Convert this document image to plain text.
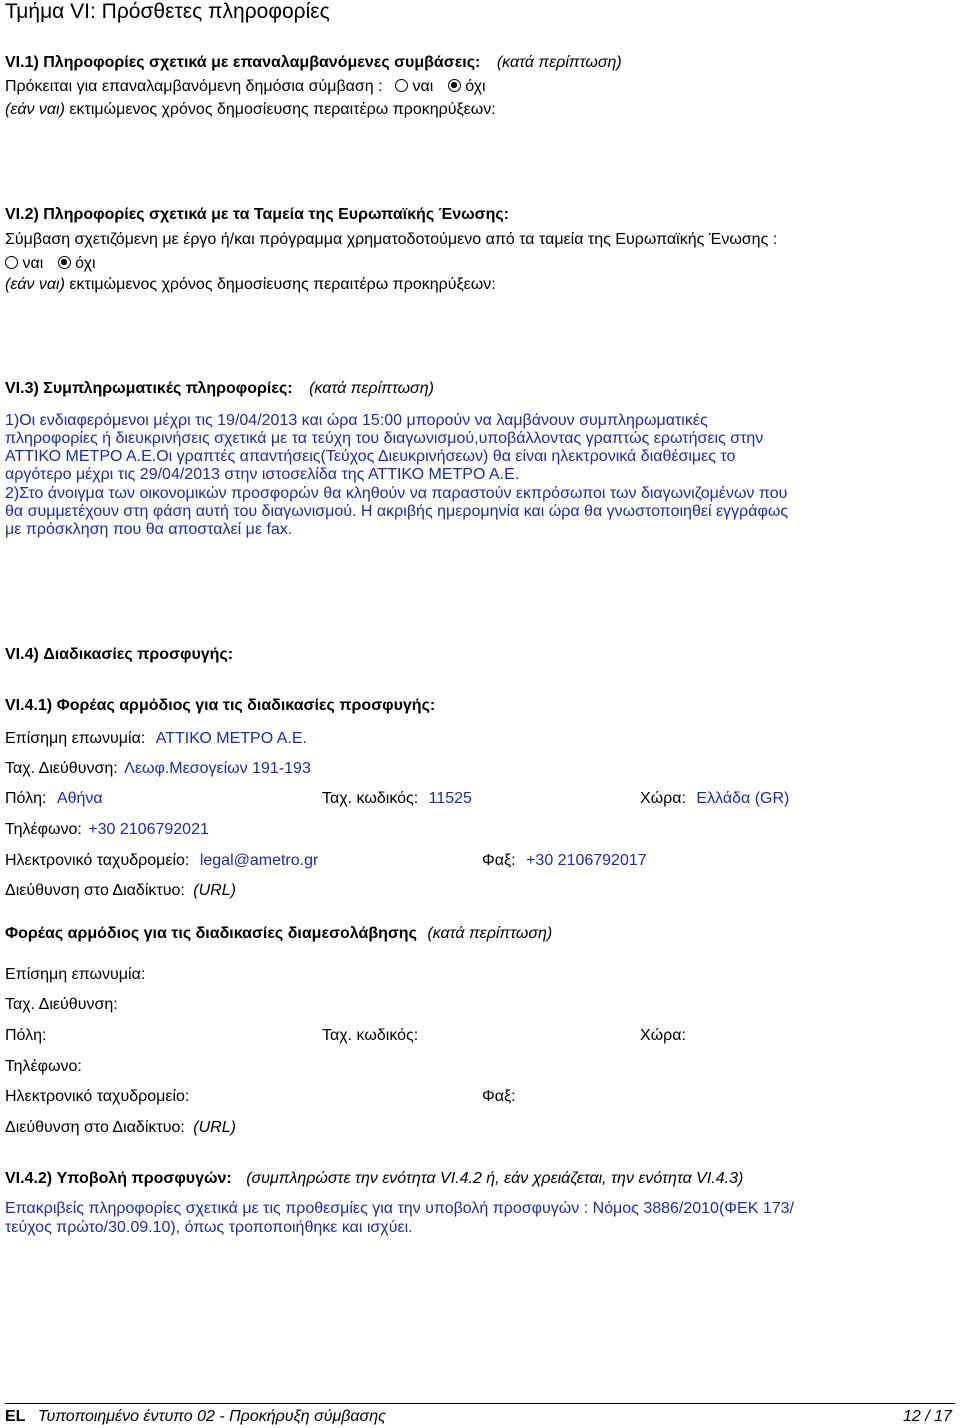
Τμήμα VI: Πρόσθετες πληροφορίες
VI.1) Πληροφορίες σχετικά με επαναλαμβανόμενες συμβάσεις: (κατά περίπτωση)
Πρόκειται για επαναλαμβανόμενη δημόσια σύμβαση : ναι όχι
(εάν ναι) εκτιμώμενος χρόνος δημοσίευσης περαιτέρω προκηρύξεων:
VI.2) Πληροφορίες σχετικά με τα Ταμεία της Ευρωπαϊκής Ένωσης:
Σύμβαση σχετιζόμενη με έργο ή/και πρόγραμμα χρηματοδοτούμενο από τα ταμεία της Ευρωπαϊκής Ένωσης :
ναι όχι
(εάν ναι) εκτιμώμενος χρόνος δημοσίευσης περαιτέρω προκηρύξεων:
VI.3) Συμπληρωματικές πληροφορίες: (κατά περίπτωση)
1)Οι ενδιαφερόμενοι μέχρι τις 19/04/2013 και ώρα 15:00 μπορούν να λαμβάνουν συμπληρωματικές
πληροφορίες ή διευκρινήσεις σχετικά με τα τεύχη του διαγωνισμού,υποβάλλοντας γραπτώς ερωτήσεις στην
ΑΤΤΙΚΟ ΜΕΤΡΟ Α.Ε.Οι γραπτές απαντήσεις(Τεύχος Διευκρινήσεων) θα είναι ηλεκτρονικά διαθέσιμες το
αργότερο μέχρι τις 29/04/2013 στην ιστοσελίδα της ΑΤΤΙΚΟ ΜΕΤΡΟ Α.Ε.
2)Στο άνοιγμα των οικονομικών προσφορών θα κληθούν να παραστούν εκπρόσωποι των διαγωνιζομένων που
θα συμμετέχουν στη φάση αυτή του διαγωνισμού. Η ακριβής ημερομηνία και ώρα θα γνωστοποιηθεί εγγράφως
με πρόσκληση που θα αποσταλεί με fax.
VI.4) Διαδικασίες προσφυγής:
VI.4.1) Φορέας αρμόδιος για τις διαδικασίες προσφυγής:
Επίσημη επωνυμία: ΑΤΤΙΚΟ ΜΕΤΡΟ Α.Ε.
Ταχ. Διεύθυνση: Λεωφ.Μεσογείων 191-193
Πόλη: Αθήνα	Ταχ. κωδικός: 11525	Χώρα: Ελλάδα (GR)
Τηλέφωνο: +30 2106792021
Ηλεκτρονικό ταχυδρομείο: legal@ametro.gr	Φαξ: +30 2106792017
Διεύθυνση στο Διαδίκτυο: (URL)
Φορέας αρμόδιος για τις διαδικασίες διαμεσολάβησης (κατά περίπτωση)
Επίσημη επωνυμία:
Ταχ. Διεύθυνση:
Πόλη:	Ταχ. κωδικός:	Χώρα:
Τηλέφωνο:
Ηλεκτρονικό ταχυδρομείο:	Φαξ:
Διεύθυνση στο Διαδίκτυο: (URL)
VI.4.2) Υποβολή προσφυγών: (συμπληρώστε την ενότητα VI.4.2 ή, εάν χρειάζεται, την ενότητα VI.4.3)
Επακριβείς πληροφορίες σχετικά με τις προθεσμίες για την υποβολή προσφυγών : Νόμος 3886/2010(ΦΕΚ 173/
τεύχος πρώτο/30.09.10), όπως τροποποιήθηκε και ισχύει.
EL Τυποποιημένο έντυπο 02 - Προκήρυξη σύμβασης	12 / 17
